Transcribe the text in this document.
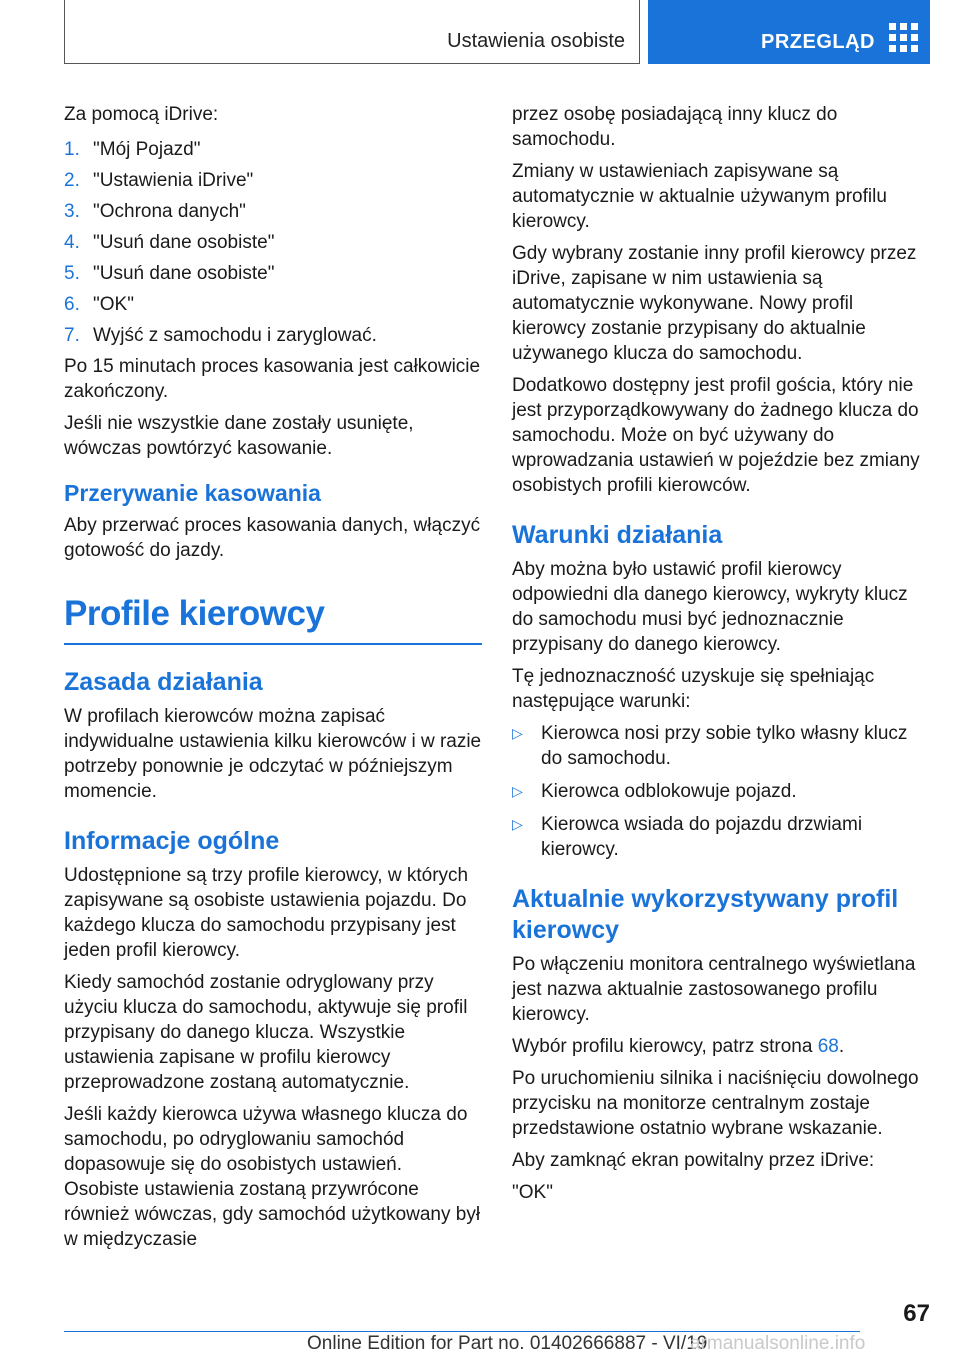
Ustawienia osobiste	PRZEGLĄD

Za pomocą iDrive:

1. "Mój Pojazd"
2. "Ustawienia iDrive"
3. "Ochrona danych"
4. "Usuń dane osobiste"
5. "Usuń dane osobiste"
6. "OK"
7. Wyjść z samochodu i zaryglować.

Po 15 minutach proces kasowania jest całkowicie zakończony.

Jeśli nie wszystkie dane zostały usunięte, wówczas powtórzyć kasowanie.

Przerywanie kasowania

Aby przerwać proces kasowania danych, włączyć gotowość do jazdy.

Profile kierowcy
Zasada działania

W profilach kierowców można zapisać indywidualne ustawienia kilku kierowców i w razie potrzeby ponownie je odczytać w późniejszym momencie.

Informacje ogólne

Udostępnione są trzy profile kierowcy, w których zapisywane są osobiste ustawienia pojazdu. Do każdego klucza do samochodu przypisany jest jeden profil kierowcy.

Kiedy samochód zostanie odryglowany przy użyciu klucza do samochodu, aktywuje się profil przypisany do danego klucza. Wszystkie ustawienia zapisane w profilu kierowcy przeprowadzone zostaną automatycznie.

Jeśli każdy kierowca używa własnego klucza do samochodu, po odryglowaniu samochód dopasowuje się do osobistych ustawień. Osobiste ustawienia zostaną przywrócone również wówczas, gdy samochód użytkowany był w międzyczasie

przez osobę posiadającą inny klucz do samochodu.

Zmiany w ustawieniach zapisywane są automatycznie w aktualnie używanym profilu kierowcy.

Gdy wybrany zostanie inny profil kierowcy przez iDrive, zapisane w nim ustawienia są automatycznie wykonywane. Nowy profil kierowcy zostanie przypisany do aktualnie używanego klucza do samochodu.

Dodatkowo dostępny jest profil gościa, który nie jest przyporządkowywany do żadnego klucza do samochodu. Może on być używany do wprowadzania ustawień w pojeździe bez zmiany osobistych profili kierowców.

Warunki działania

Aby można było ustawić profil kierowcy odpowiedni dla danego kierowcy, wykryty klucz do samochodu musi być jednoznacznie przypisany do danego kierowcy.

Tę jednoznaczność uzyskuje się spełniając następujące warunki:

▷ Kierowca nosi przy sobie tylko własny klucz do samochodu.
▷ Kierowca odblokowuje pojazd.
▷ Kierowca wsiada do pojazdu drzwiami kierowcy.
Aktualnie wykorzystywany profil kierowcy

Po włączeniu monitora centralnego wyświetlana jest nazwa aktualnie zastosowanego profilu kierowcy.

Wybór profilu kierowcy, patrz strona 68.

Po uruchomieniu silnika i naciśnięciu dowolnego przycisku na monitorze centralnym zostaje przedstawione ostatnio wybrane wskazanie.

Aby zamknąć ekran powitalny przez iDrive:

"OK"

67
Online Edition for Part no. 01402666887 - VI/19
armanualsonline.info
